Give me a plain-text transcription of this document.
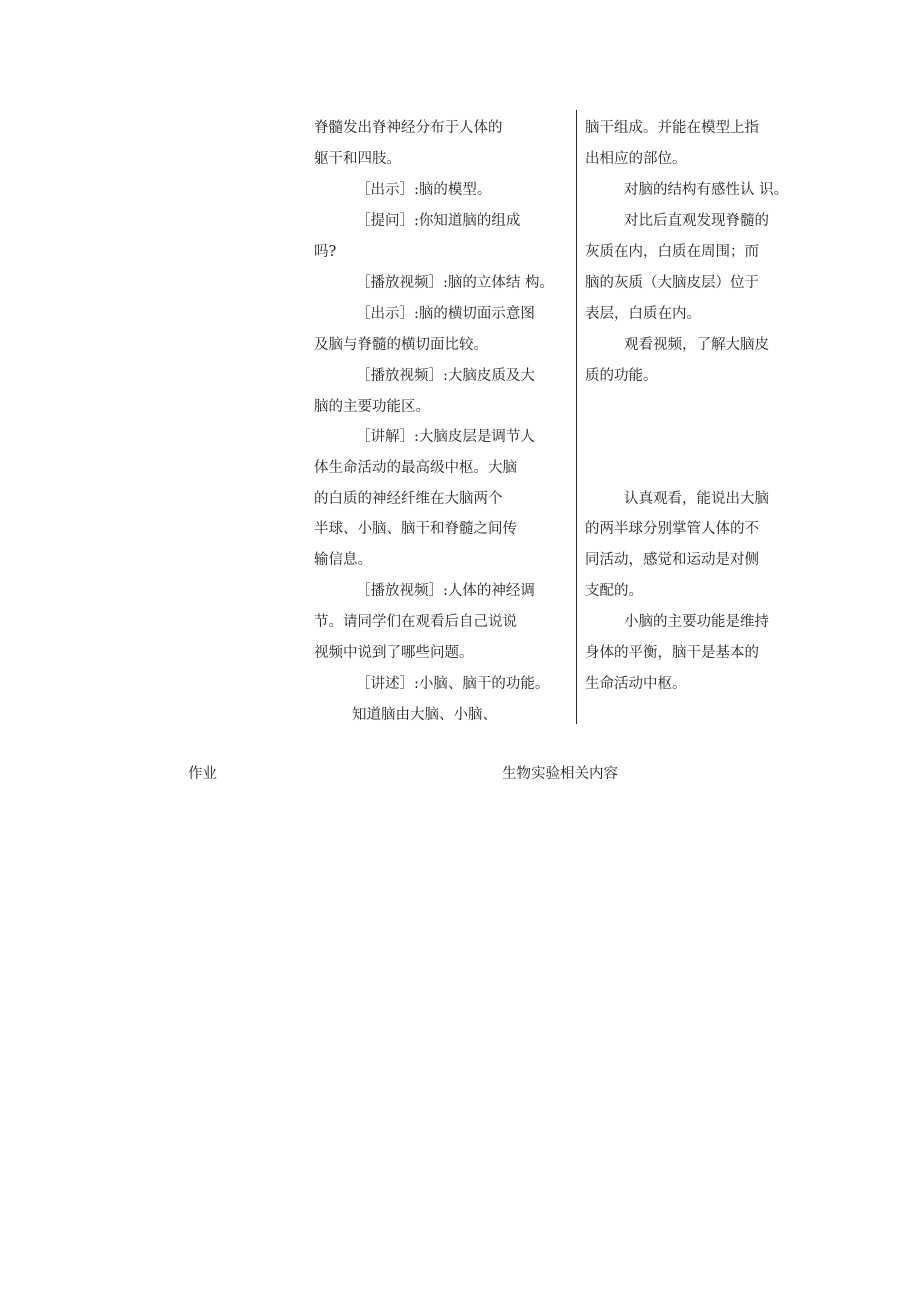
脊髓发出脊神经分布于人体的
躯干和四肢。
［出示］:脑的模型。
［提问］:你知道脑的组成
吗?
［播放视频］:脑的立体结 构。
［出示］:脑的横切面示意图
及脑与脊髓的横切面比较。
［播放视频］:大脑皮质及大
脑的主要功能区。
［讲解］:大脑皮层是调节人
体生命活动的最高级中枢。大脑
的白质的神经纤维在大脑两个
半球、小脑、脑干和脊髓之间传
输信息。
［播放视频］:人体的神经调
节。请同学们在观看后自己说说
视频中说到了哪些问题。
［讲述］:小脑、脑干的功能。
知道脑由大脑、小脑、
脑干组成。并能在模型上指
出相应的部位。
对脑的结构有感性认 识。
对比后直观发现脊髓的
灰质在内，白质在周围；而
脑的灰质（大脑皮层）位于
表层，白质在内。
观看视频，了解大脑皮
质的功能。
认真观看，能说出大脑
的两半球分别掌管人体的不
同活动，感觉和运动是对侧
支配的。
小脑的主要功能是维持
身体的平衡，脑干是基本的
生命活动中枢。
作业	生物实验相关内容
